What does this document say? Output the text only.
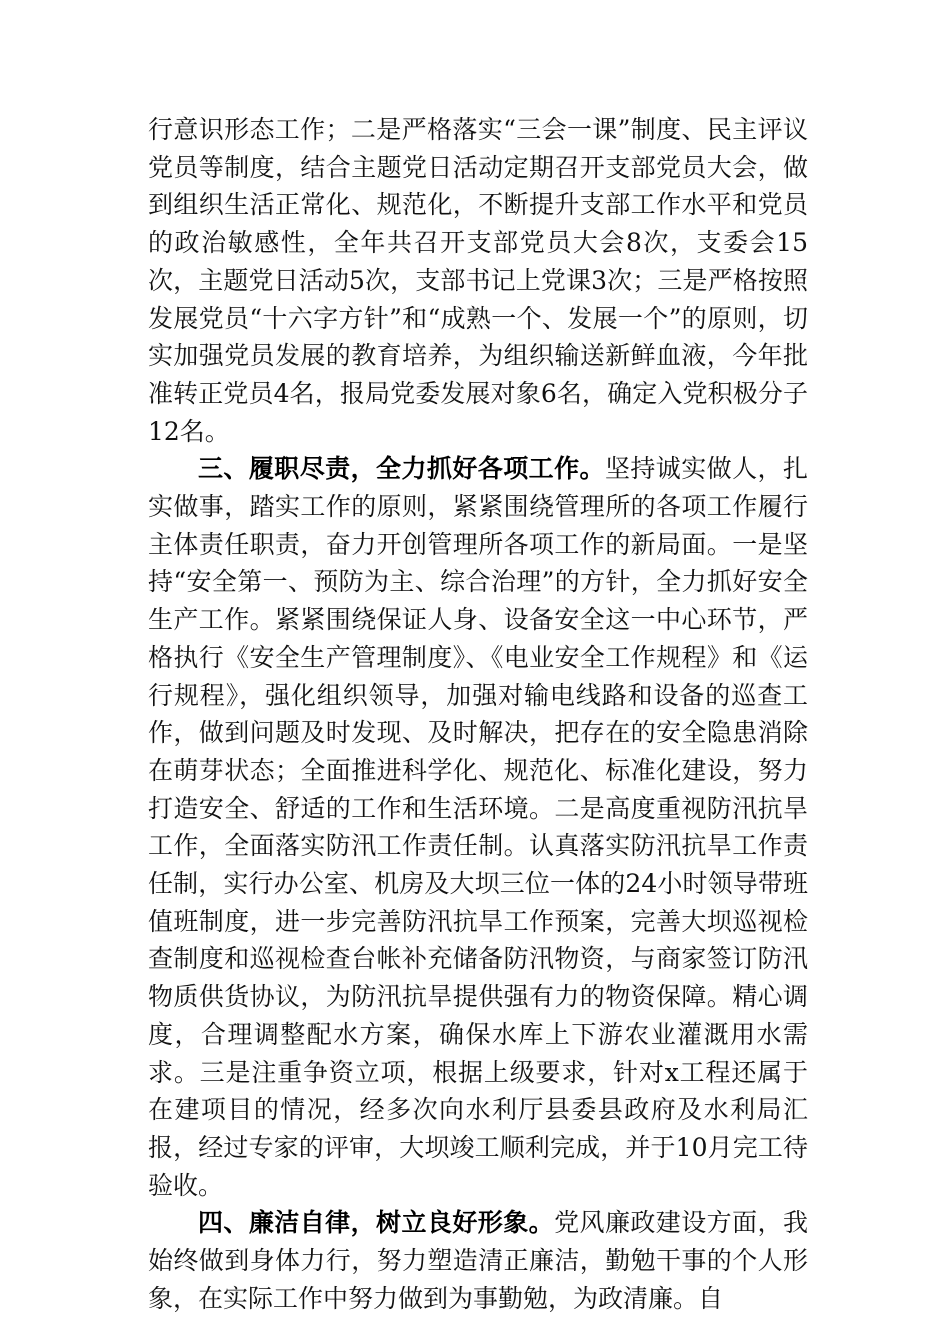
行意识形态工作；二是严格落实“三会一课”制度、民主评议党员等制度，结合主题党日活动定期召开支部党员大会，做到组织生活正常化、规范化，不断提升支部工作水平和党员的政治敏感性，全年共召开支部党员大会8次，支委会15次，主题党日活动5次，支部书记上党课3次；三是严格按照发展党员“十六字方针”和“成熟一个、发展一个”的原则，切实加强党员发展的教育培养，为组织输送新鲜血液，今年批准转正党员4名，报局党委发展对象6名，确定入党积极分子12名。

三、履职尽责，全力抓好各项工作。坚持诚实做人，扎实做事，踏实工作的原则，紧紧围绕管理所的各项工作履行主体责任职责，奋力开创管理所各项工作的新局面。一是坚持“安全第一、预防为主、综合治理”的方针，全力抓好安全生产工作。紧紧围绕保证人身、设备安全这一中心环节，严格执行《安全生产管理制度》、《电业安全工作规程》和《运行规程》，强化组织领导，加强对输电线路和设备的巡查工作，做到问题及时发现、及时解决，把存在的安全隐患消除在萌芽状态；全面推进科学化、规范化、标准化建设，努力打造安全、舒适的工作和生活环境。二是高度重视防汛抗旱工作，全面落实防汛工作责任制。认真落实防汛抗旱工作责任制，实行办公室、机房及大坝三位一体的24小时领导带班值班制度，进一步完善防汛抗旱工作预案，完善大坝巡视检查制度和巡视检查台帐补充储备防汛物资，与商家签订防汛物质供货协议，为防汛抗旱提供强有力的物资保障。精心调度，合理调整配水方案，确保水库上下游农业灌溉用水需求。三是注重争资立项，根据上级要求，针对x工程还属于在建项目的情况，经多次向水利厅县委县政府及水利局汇报，经过专家的评审，大坝竣工顺利完成，并于10月完工待验收。

四、廉洁自律，树立良好形象。党风廉政建设方面，我始终做到身体力行，努力塑造清正廉洁，勤勉干事的个人形象，在实际工作中努力做到为事勤勉，为政清廉。自
